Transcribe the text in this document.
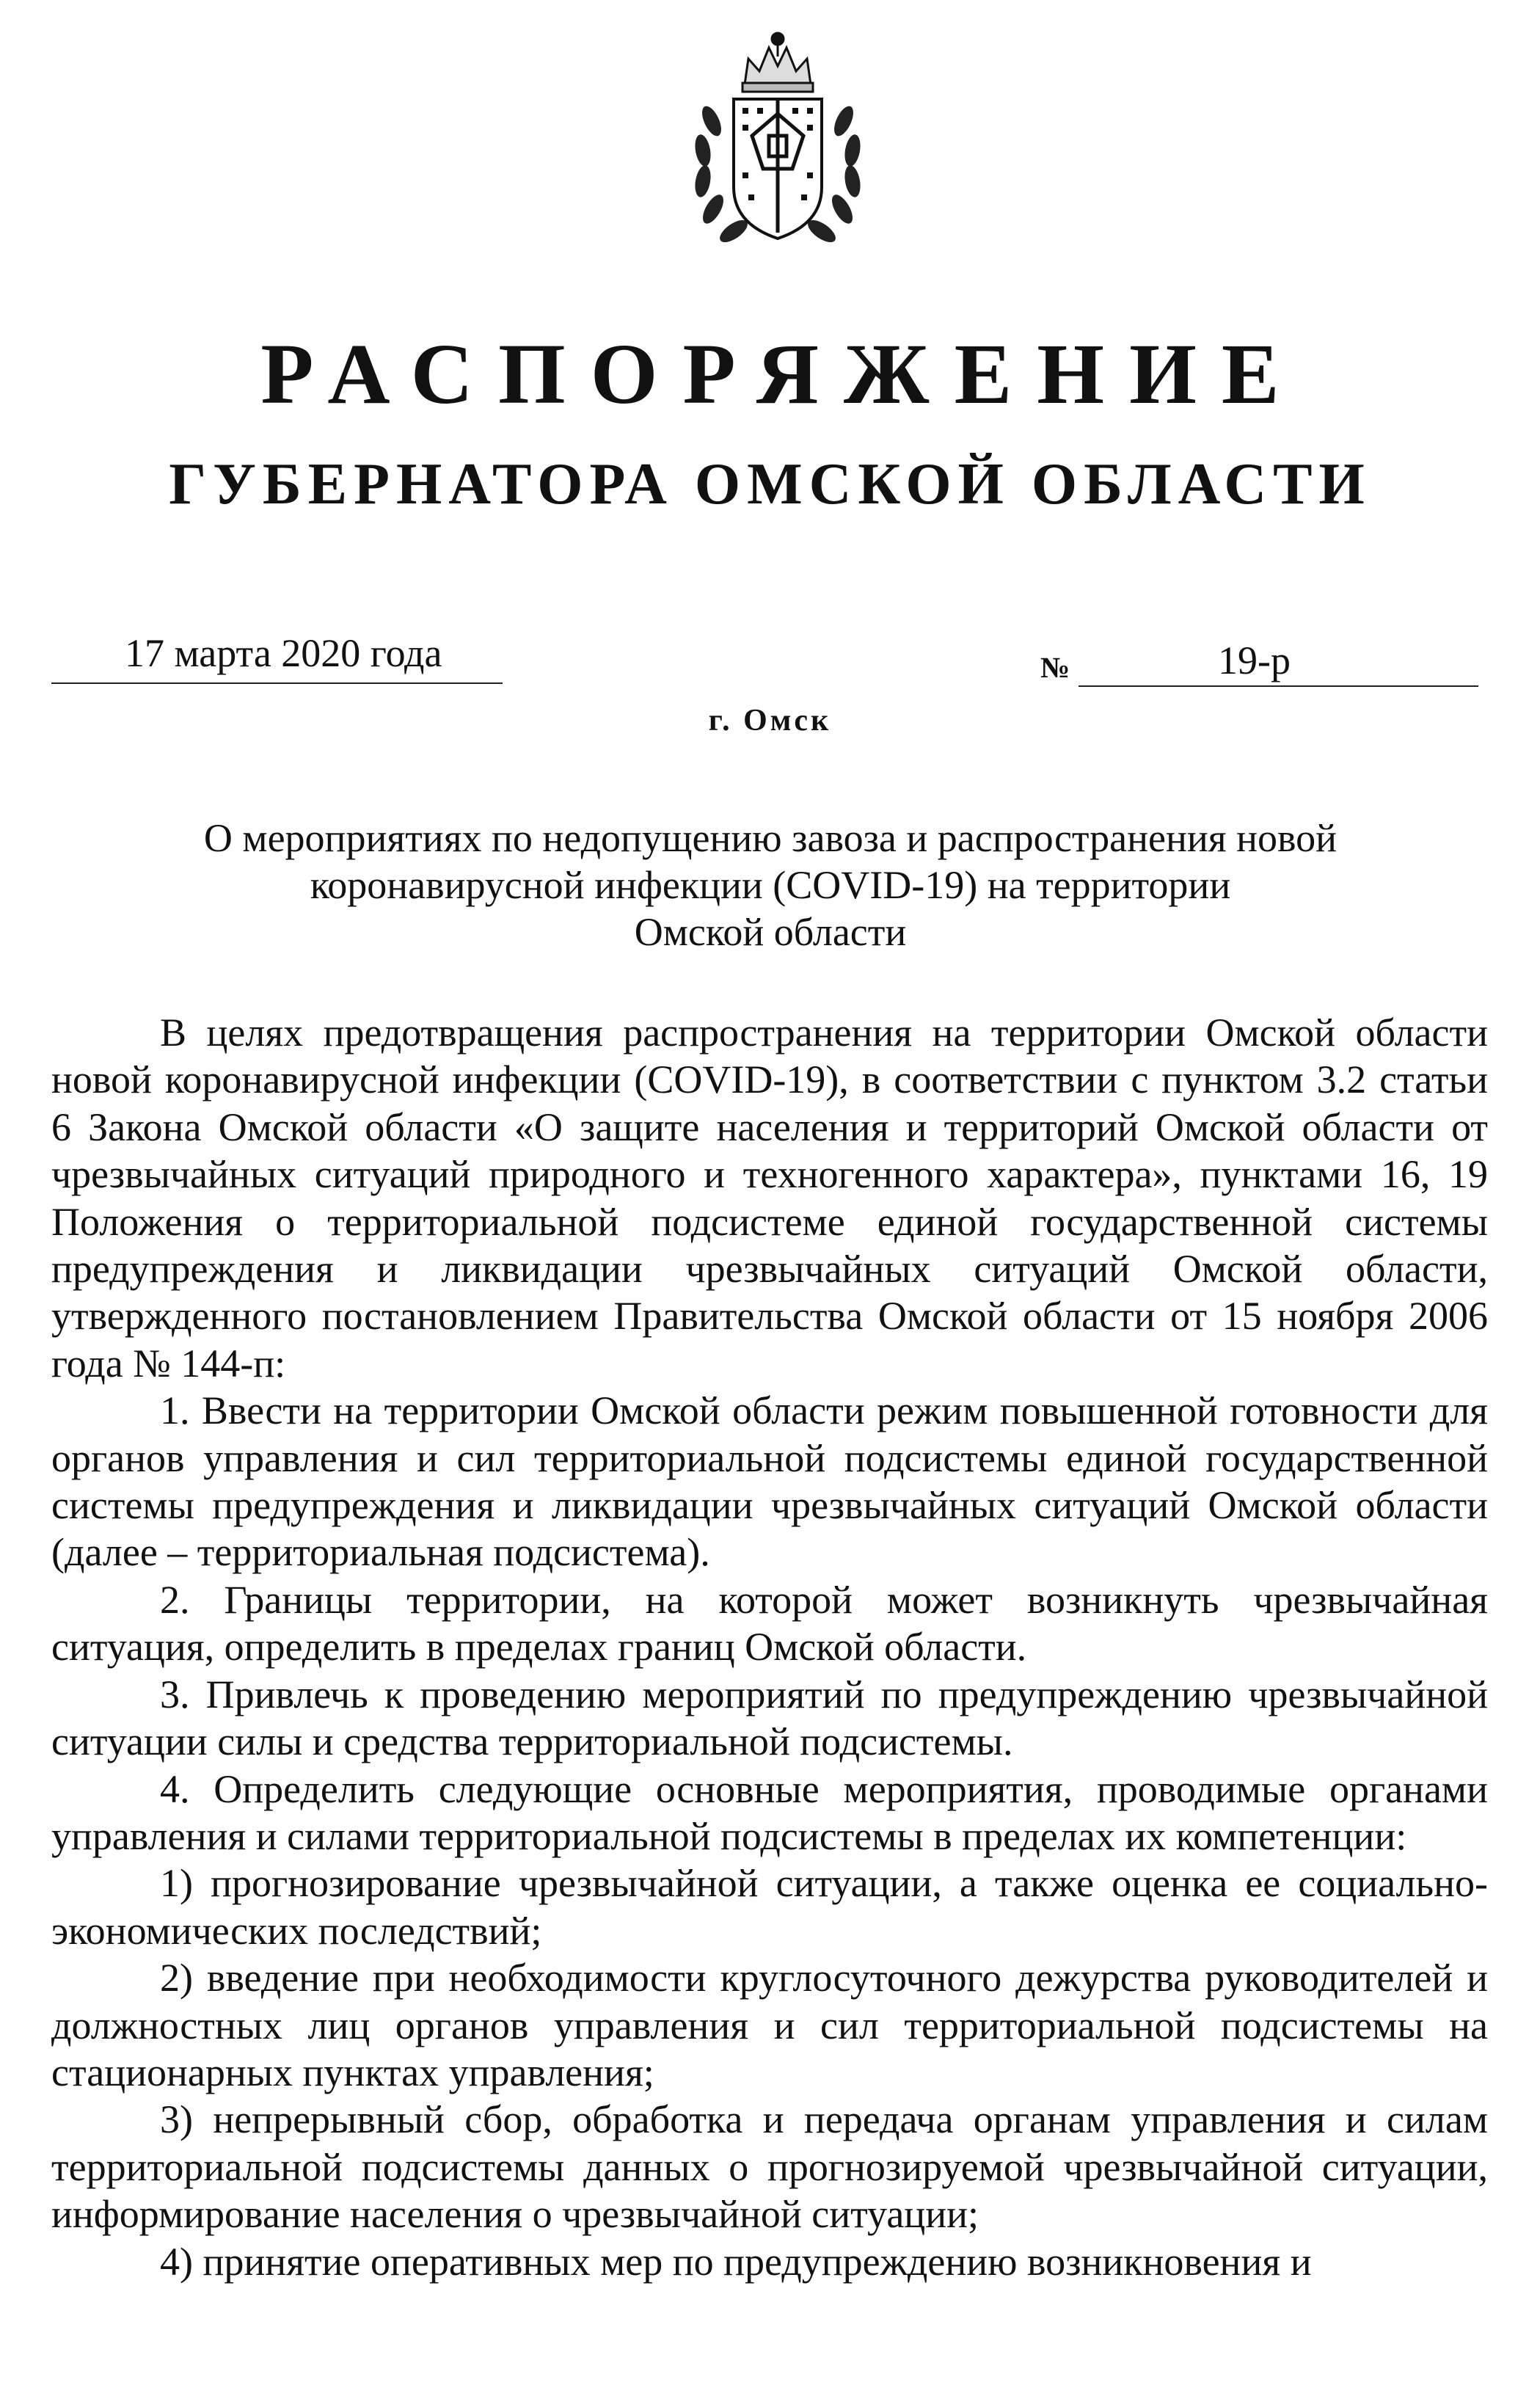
РАСПОРЯЖЕНИЕ
ГУБЕРНАТОРА ОМСКОЙ ОБЛАСТИ
17 марта 2020 года	№	19-р
г. Омск
О мероприятиях по недопущению завоза и распространения новой
коронавирусной инфекции (COVID-19) на территории
Омской области

В целях предотвращения распространения на территории Омской области новой коронавирусной инфекции (COVID-19), в соответствии с пунктом 3.2 статьи 6 Закона Омской области «О защите населения и территорий Омской области от чрезвычайных ситуаций природного и техногенного характера», пунктами 16, 19 Положения о территориальной подсистеме единой государственной системы предупреждения и ликвидации чрезвычайных ситуаций Омской области, утвержденного постановлением Правительства Омской области от 15 ноября 2006 года № 144-п:

1. Ввести на территории Омской области режим повышенной готовности для органов управления и сил территориальной подсистемы единой государственной системы предупреждения и ликвидации чрезвычайных ситуаций Омской области (далее – территориальная подсистема).

2. Границы территории, на которой может возникнуть чрезвычайная ситуация, определить в пределах границ Омской области.

3. Привлечь к проведению мероприятий по предупреждению чрезвычайной ситуации силы и средства территориальной подсистемы.

4. Определить следующие основные мероприятия, проводимые органами управления и силами территориальной подсистемы в пределах их компетенции:

1) прогнозирование чрезвычайной ситуации, а также оценка ее социально-экономических последствий;

2) введение при необходимости круглосуточного дежурства руководителей и должностных лиц органов управления и сил территориальной подсистемы на стационарных пунктах управления;

3) непрерывный сбор, обработка и передача органам управления и силам территориальной подсистемы данных о прогнозируемой чрезвычайной ситуации, информирование населения о чрезвычайной ситуации;

4) принятие оперативных мер по предупреждению возникновения и
